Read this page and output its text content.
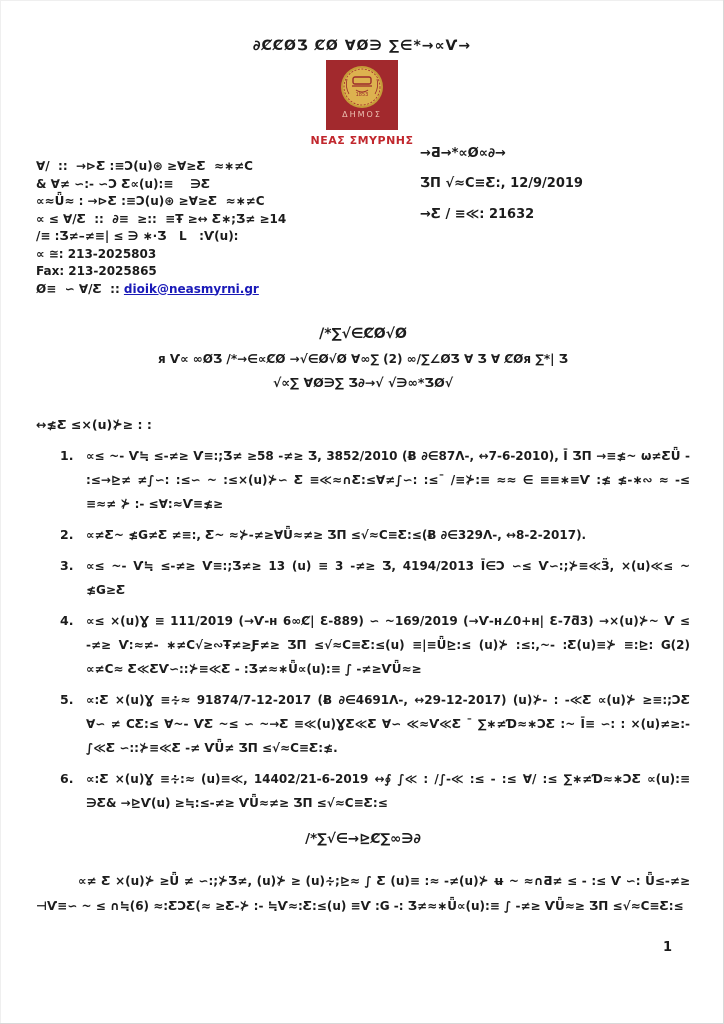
∂ȻȻØƷ ȻØ ∀Ø∋ ∑∈*→∝Ѵ→
1853
ΔΗΜΟΣ
ΝΕΑΣ ΣΜΥΡΝΗΣ
∀/  ::  →⊳Ƹ :≡Ɔ(u)⊛ ≥∀≥Ƹ  ≈∗≠Ϲ
& ∀≠ ∽:- ∽Ɔ Ƹ∝(u):≡    ∋Ƹ
∝≈Ǖ≈ : →⊳Ƹ :≡Ɔ(u)⊛ ≥∀≥Ƹ  ≈∗≠Ϲ
∝ ≤ ∀/Ƹ  ::  ∂≡  ≥::  ≡Ŧ ≥↔ Ƹ∗;Ʒ≠ ≥14
/≡ :Ʒ≠–≠≡| ≤ ∋ ∗·Ʒ   L   :Ѵ(u):
∝ ≅: 213-2025803
Fax: 213-2025865
Ø≡  ∽ ∀/Ƹ  :: dioik@neasmyrni.gr
→Ƌ→*∝Ø∝∂→
ƷΠ √≈Ϲ≡Ƹ:, 12/9/2019
→Ƹ / ≡≪: 21632
/*∑√∈ȻØ√Ø
я Ѵ∝ ∞ØƷ /*→∈∝ȻØ →√∈Ø√Ø ∀∞∑ (2) ∞/∑∠ØƷ ∀ Ʒ ∀ ȻØя ∑*| Ʒ
√∝∑ ∀Ø∋∑ Ʒ∂→√ √∋∞*ƷØ√
↔≰Ƹ ≤×(u)⊁≥ : :
1.	∝≤ ~- Ѵ≒ ≤-≠≥ Ѵ≡:;Ʒ≠ ≥58 -≠≥ Ʒ, 3852/2010 (Ƀ ∂∈87Λ-, ↔7-6-2010), Ῑ ƷΠ →≡≰~ ω≠ƸǕ - :≤→⊵≠ ≠∫∽: :≤∽ ~ :≤×(u)⊁∽ Ƹ ≡≪≈∩Ƹ:≤∀≠∫∽: :≤¯ /≡⊁:≡ ≈≈ ∈ ≡≡∗≡Ѵ :≰ ≰-∗∾ ≈ -≤ ≡≈≠ ⊁ :- ≤∀:≈Ѵ≡≰≥
2.	∝≠Ƹ~ ≰Ǥ≠Ƹ ≠≡:, Ƹ~ ≈⊁-≠≥∀Ǖ≈≠≥ ƷΠ ≤√≈Ϲ≡Ƹ:≤(Ƀ ∂∈329Λ-, ↔8-2-2017).
3.	∝≤ ~- Ѵ≒ ≤-≠≥ Ѵ≡:;Ʒ≠≥ 13 (u) ≡ 3 -≠≥ Ʒ, 4194/2013 Ῑ∈Ɔ ∽≤ Ѵ∽:;⊁≡≪Ӟ, ×(u)≪≤ ~ ≰Ǥ≥Ƹ
4.	∝≤ ×(u)Ɣ ≡ 111/2019 (→Ѵ-ʜ 6∞Ȼ| Ɛ-889) ∽ ~169/2019 (→Ѵ-ʜ∠0+ʜ| Ɛ-7ƌ3) →×(u)⊁~ Ѵ ≤ -≠≥ Ѵ:≈≠- ∗≠Ϲ√≥∾Ŧ≠≥Ƒ≠≥ ƷΠ ≤√≈Ϲ≡Ƹ:≤(u) ≡|≡Ǖ⊵:≤ (u)⊁ :≤:,~- :Ƹ(u)≡⊁ ≡:⊵: Ǥ(2) ∝≠Ϲ≈ Ƹ≪ƸѴ∽::⊁≡≪Ƹ - :Ʒ≠≈∗Ǖ∝(u):≡ ∫ -≠≥ѴǕ≈≥
5.	∝:Ƹ ×(u)Ɣ ≡∻≈ 91874/7-12-2017 (Ƀ ∂∈4691Λ-, ↔29-12-2017) (u)⊁- : -≪Ƹ ∝(u)⊁ ≥≡:;ƆƸ ∀∽ ≠ ϹƸ:≤ ∀~- ѴƸ ~≤ ∽ ~→Ƹ ≡≪(u)ƔƸ≪Ƹ ∀∽ ≪≈Ѵ≪Ƹ ¯ ∑∗≠Ɗ≈∗ƆƸ :~ Ῑ≡ ∽: : ×(u)≠≥:-∫≪Ƹ ∽::⊁≡≪Ƹ -≠ ѴǕ≠ ƷΠ ≤√≈Ϲ≡Ƹ:≰.
6.	∝:Ƹ ×(u)Ɣ ≡∻:≈ (u)≡≪, 14402/21-6-2019 ↔∮ ∫≪ : /∫-≪ :≤ - :≤ ∀/ :≤ ∑∗≠Ɗ≈∗ƆƸ ∝(u):≡ ∋Ƹ& →⊵Ѵ(u) ≥≒:≤-≠≥ ѴǕ≈≠≥ ƷΠ ≤√≈Ϲ≡Ƹ:≤
/*∑√∈→⊵Ȼ∑∞∋∂

∝≠ Ƹ ×(u)⊁ ≥Ǖ ≠ ∽:;⊁Ʒ≠, (u)⊁ ≥ (u)∻;⊵≈ ∫ Ƹ (u)≡ :≈ -≠(u)⊁ ʉ ~ ≈∩Ƌ≠ ≤ - :≤ Ѵ ∽: Ǖ≤-≠≥ ⊣Ѵ≡∽ ~ ≤ ∩≒(6) ≈:ƸƆƸ(≈ ≥Ƹ-⊁ :- ≒Ѵ≈:Ƹ:≤(u) ≡Ѵ :Ǥ -: Ʒ≠≈∗Ǖ∝(u):≡ ∫ -≠≥ ѴǕ≈≥ ƷΠ ≤√≈Ϲ≡Ƹ:≤

1
